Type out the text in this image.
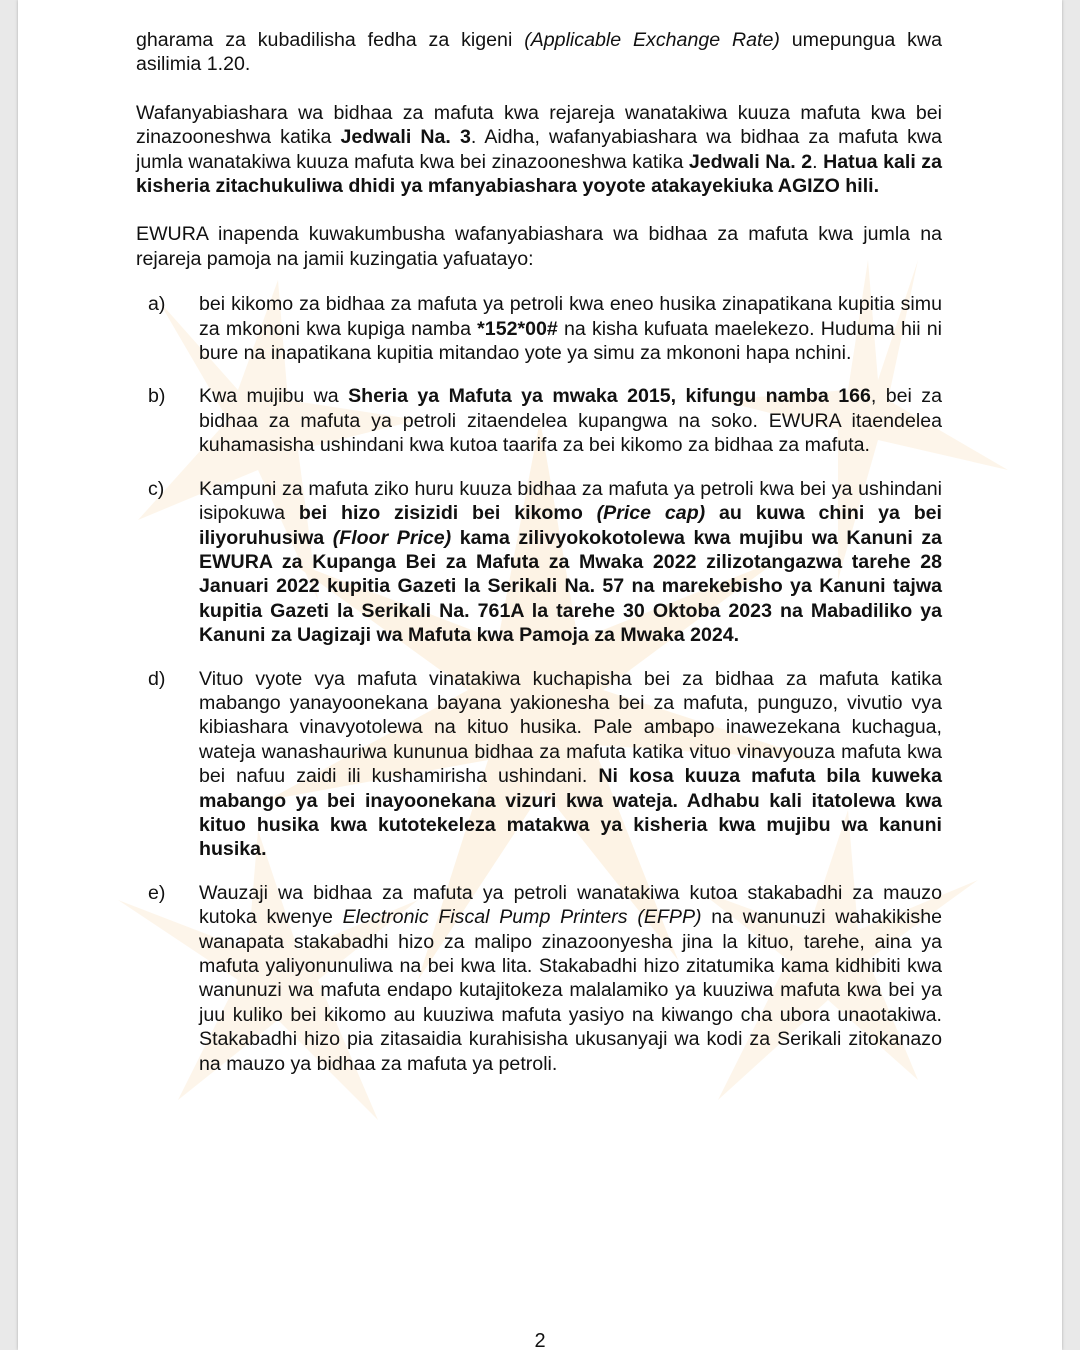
gharama za kubadilisha fedha za kigeni (Applicable Exchange Rate) umepungua kwa asilimia 1.20.

Wafanyabiashara wa bidhaa za mafuta kwa rejareja wanatakiwa kuuza mafuta kwa bei zinazooneshwa katika Jedwali Na. 3. Aidha, wafanyabiashara wa bidhaa za mafuta kwa jumla wanatakiwa kuuza mafuta kwa bei zinazooneshwa katika Jedwali Na. 2. Hatua kali za kisheria zitachukuliwa dhidi ya mfanyabiashara yoyote atakayekiuka AGIZO hili.

EWURA inapenda kuwakumbusha wafanyabiashara wa bidhaa za mafuta kwa jumla na rejareja pamoja na jamii kuzingatia yafuatayo:

a) bei kikomo za bidhaa za mafuta ya petroli kwa eneo husika zinapatikana kupitia simu za mkononi kwa kupiga namba *152*00# na kisha kufuata maelekezo. Huduma hii ni bure na inapatikana kupitia mitandao yote ya simu za mkononi hapa nchini.
b) Kwa mujibu wa Sheria ya Mafuta ya mwaka 2015, kifungu namba 166, bei za bidhaa za mafuta ya petroli zitaendelea kupangwa na soko. EWURA itaendelea kuhamasisha ushindani kwa kutoa taarifa za bei kikomo za bidhaa za mafuta.
c) Kampuni za mafuta ziko huru kuuza bidhaa za mafuta ya petroli kwa bei ya ushindani isipokuwa bei hizo zisizidi bei kikomo (Price cap) au kuwa chini ya bei iliyoruhusiwa (Floor Price) kama zilivyokokotolewa kwa mujibu wa Kanuni za EWURA za Kupanga Bei za Mafuta za Mwaka 2022 zilizotangazwa tarehe 28 Januari 2022 kupitia Gazeti la Serikali Na. 57 na marekebisho ya Kanuni tajwa kupitia Gazeti la Serikali Na. 761A la tarehe 30 Oktoba 2023 na Mabadiliko ya Kanuni za Uagizaji wa Mafuta kwa Pamoja za Mwaka 2024.
d) Vituo vyote vya mafuta vinatakiwa kuchapisha bei za bidhaa za mafuta katika mabango yanayoonekana bayana yakionesha bei za mafuta, punguzo, vivutio vya kibiashara vinavyotolewa na kituo husika. Pale ambapo inawezekana kuchagua, wateja wanashauriwa kununua bidhaa za mafuta katika vituo vinavyouza mafuta kwa bei nafuu zaidi ili kushamirisha ushindani. Ni kosa kuuza mafuta bila kuweka mabango ya bei inayoonekana vizuri kwa wateja. Adhabu kali itatolewa kwa kituo husika kwa kutotekeleza matakwa ya kisheria kwa mujibu wa kanuni husika.
e) Wauzaji wa bidhaa za mafuta ya petroli wanatakiwa kutoa stakabadhi za mauzo kutoka kwenye Electronic Fiscal Pump Printers (EFPP) na wanunuzi wahakikishe wanapata stakabadhi hizo za malipo zinazoonyesha jina la kituo, tarehe, aina ya mafuta yaliyonunuliwa na bei kwa lita. Stakabadhi hizo zitatumika kama kidhibiti kwa wanunuzi wa mafuta endapo kutajitokeza malalamiko ya kuuziwa mafuta kwa bei ya juu kuliko bei kikomo au kuuziwa mafuta yasiyo na kiwango cha ubora unaotakiwa. Stakabadhi hizo pia zitasaidia kurahisisha ukusanyaji wa kodi za Serikali zitokanazo na mauzo ya bidhaa za mafuta ya petroli.
2
